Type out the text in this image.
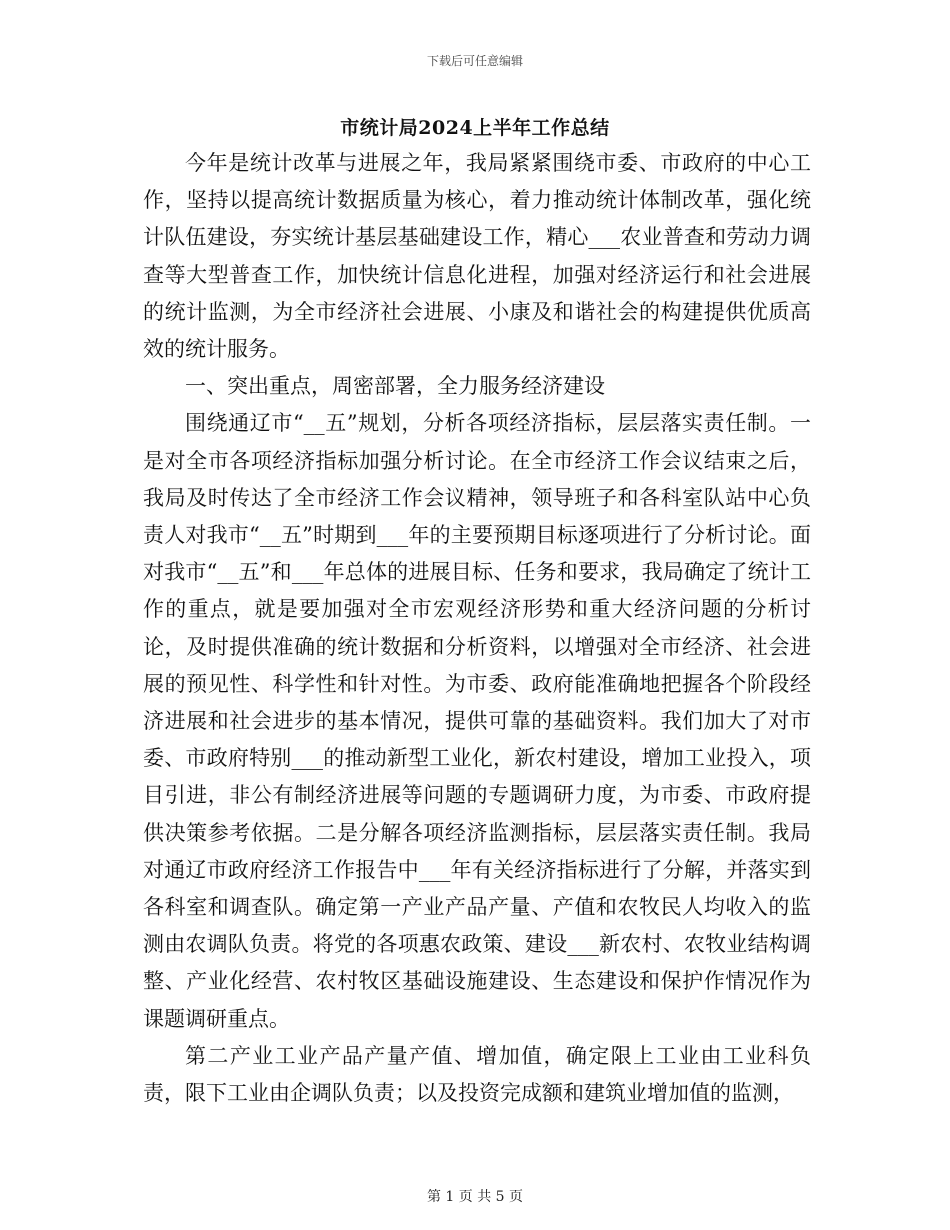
下载后可任意编辑
市统计局2024上半年工作总结

今年是统计改革与进展之年，我局紧紧围绕市委、市政府的中心工作，坚持以提高统计数据质量为核心，着力推动统计体制改革，强化统计队伍建设，夯实统计基层基础建设工作，精心___农业普查和劳动力调查等大型普查工作，加快统计信息化进程，加强对经济运行和社会进展的统计监测，为全市经济社会进展、小康及和谐社会的构建提供优质高效的统计服务。

一、突出重点，周密部署，全力服务经济建设

围绕通辽市“__五”规划，分析各项经济指标，层层落实责任制。一是对全市各项经济指标加强分析讨论。在全市经济工作会议结束之后，我局及时传达了全市经济工作会议精神，领导班子和各科室队站中心负责人对我市“__五”时期到___年的主要预期目标逐项进行了分析讨论。面对我市“__五”和___年总体的进展目标、任务和要求，我局确定了统计工作的重点，就是要加强对全市宏观经济形势和重大经济问题的分析讨论，及时提供准确的统计数据和分析资料，以增强对全市经济、社会进展的预见性、科学性和针对性。为市委、政府能准确地把握各个阶段经济进展和社会进步的基本情况，提供可靠的基础资料。我们加大了对市委、市政府特别___的推动新型工业化，新农村建设，增加工业投入，项目引进，非公有制经济进展等问题的专题调研力度，为市委、市政府提供决策参考依据。二是分解各项经济监测指标，层层落实责任制。我局对通辽市政府经济工作报告中___年有关经济指标进行了分解，并落实到各科室和调查队。确定第一产业产品产量、产值和农牧民人均收入的监测由农调队负责。将党的各项惠农政策、建设___新农村、农牧业结构调整、产业化经营、农村牧区基础设施建设、生态建设和保护作情况作为课题调研重点。

第二产业工业产品产量产值、增加值，确定限上工业由工业科负责，限下工业由企调队负责；以及投资完成额和建筑业增加值的监测，

第 1 页 共 5 页
